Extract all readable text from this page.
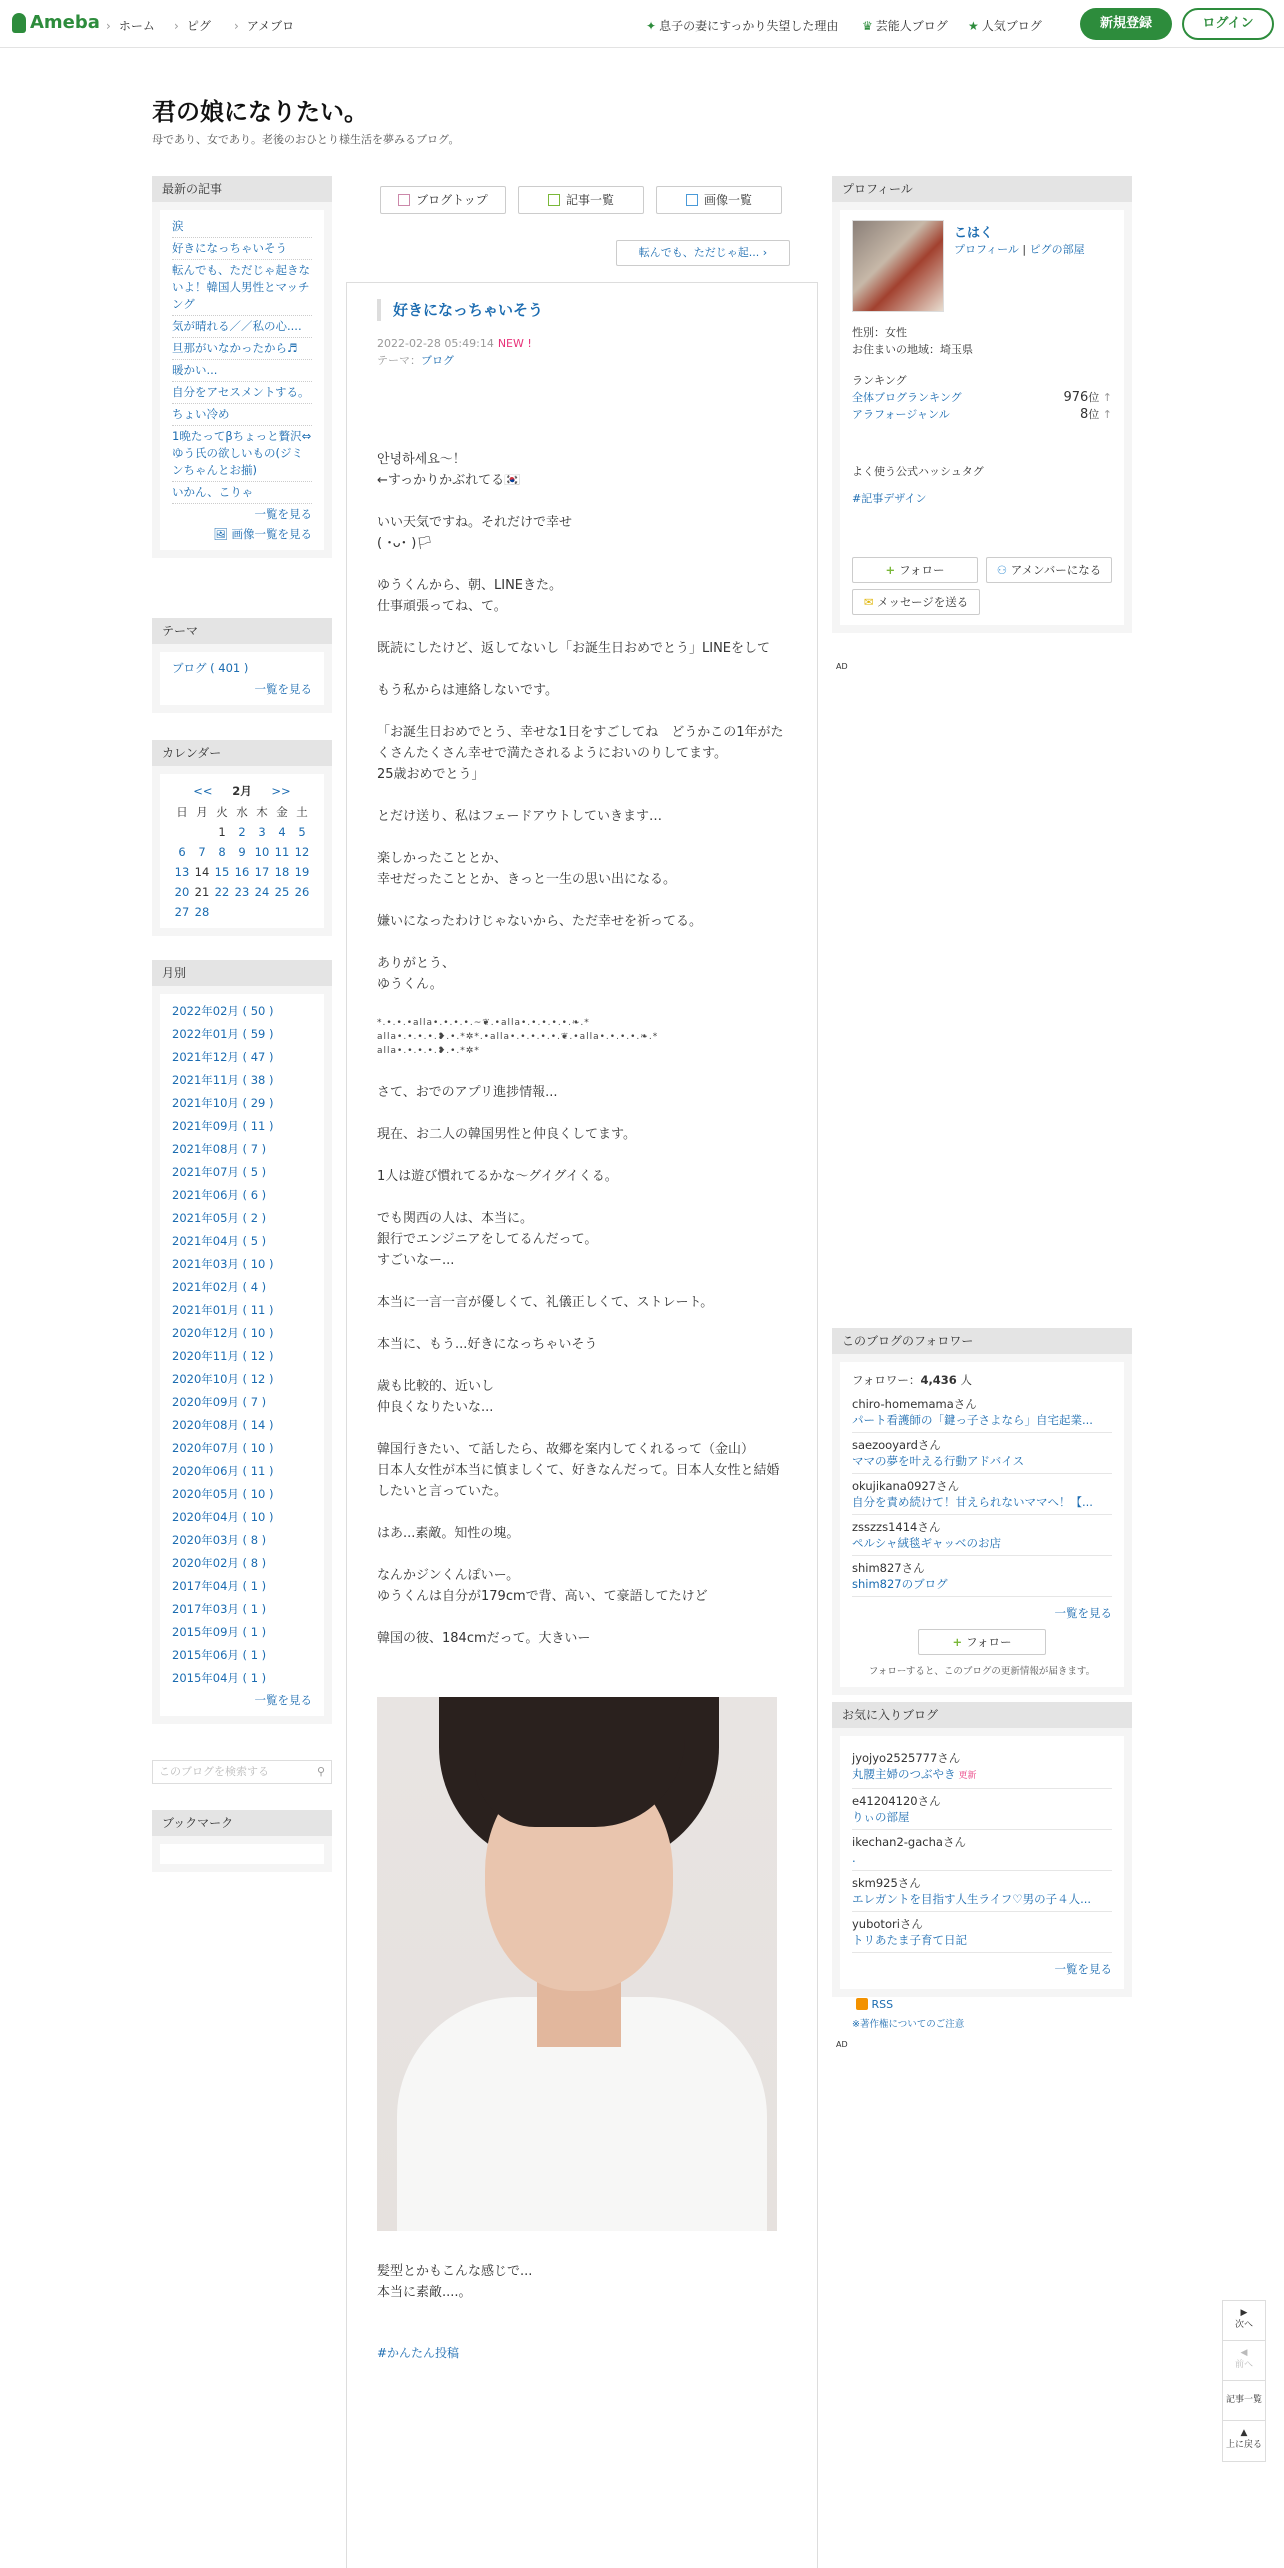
Ameba	› ホーム	› ピグ	› アメブロ	✦ 息子の妻にすっかり失望した理由 ♛ 芸能人ブログ ★ 人気ブログ	新規登録	ログイン
君の娘になりたい。
母であり、女であり。老後のおひとり様生活を夢みるブログ。
最新の記事
涙
好きになっちゃいそう
転んでも、ただじゃ起きないよ！韓国人男性とマッチング
気が晴れる／／私の心....
旦那がいなかったから♬
暖かい...
自分をアセスメントする。
ちょい冷め
1晩たってβちょっと贅沢⇔ゆう氏の欲しいもの(ジミンちゃんとお揃)
いかん、こりゃ
一覧を見る
🖼 画像一覧を見る
テーマ
ブログ ( 401 )
一覧を見る
カレンダー
<< 2月 >>
日	月	火	水	木	金	土
		1	2	3	4	5
6	7	8	9	10	11	12
13	14	15	16	17	18	19
20	21	22	23	24	25	26
27	28					
月別
2022年02月 ( 50 )
2022年01月 ( 59 )
2021年12月 ( 47 )
2021年11月 ( 38 )
2021年10月 ( 29 )
2021年09月 ( 11 )
2021年08月 ( 7 )
2021年07月 ( 5 )
2021年06月 ( 6 )
2021年05月 ( 2 )
2021年04月 ( 5 )
2021年03月 ( 10 )
2021年02月 ( 4 )
2021年01月 ( 11 )
2020年12月 ( 10 )
2020年11月 ( 12 )
2020年10月 ( 12 )
2020年09月 ( 7 )
2020年08月 ( 14 )
2020年07月 ( 10 )
2020年06月 ( 11 )
2020年05月 ( 10 )
2020年04月 ( 10 )
2020年03月 ( 8 )
2020年02月 ( 8 )
2017年04月 ( 1 )
2017年03月 ( 1 )
2015年09月 ( 1 )
2015年06月 ( 1 )
2015年04月 ( 1 )
一覧を見る
このブログを検索する	⚲
ブックマーク
ブログトップ	記事一覧	画像一覧
転んでも、ただじゃ起... ›
好きになっちゃいそう
2022-02-28 05:49:14 NEW !
テーマ：ブログ

안녕하세요〜！
←すっかりかぶれてる🇰🇷

いい天気ですね。それだけで幸せ
( ･ᴗ･ )🏳

ゆうくんから、朝、LINEきた。
仕事頑張ってね、て。

既読にしたけど、返してないし「お誕生日おめでとう」LINEをして

もう私からは連絡しないです。

「お誕生日おめでとう、幸せな1日をすごしてね　どうかこの1年がたくさんたくさん幸せで満たされるようにおいのりしてます。
25歳おめでとう」

とだけ送り、私はフェードアウトしていきます…

楽しかったこととか、
幸せだったこととか、きっと一生の思い出になる。

嫌いになったわけじゃないから、ただ幸せを祈ってる。

ありがとう、
ゆうくん。

*.•.•.•alla•.•.•.•.~❦.•alla•.•.•.•.•.❧.*
alla•.•.•.•.❥.•.*✲*.•alla•.•.•.•.•.❦.•alla•.•.•.•.❧.*
alla•.•.•.•.❥.•.*✲*

さて、おでのアプリ進捗情報...

現在、お二人の韓国男性と仲良くしてます。

1人は遊び慣れてるかな〜グイグイくる。

でも関西の人は、本当に。
銀行でエンジニアをしてるんだって。
すごいなー...

本当に一言一言が優しくて、礼儀正しくて、ストレート。

本当に、もう...好きになっちゃいそう

歳も比較的、近いし
仲良くなりたいな...

韓国行きたい、て話したら、故郷を案内してくれるって（金山）
日本人女性が本当に慎ましくて、好きなんだって。日本人女性と結婚したいと言っていた。

はあ...素敵。知性の塊。

なんかジンくんぽいー。
ゆうくんは自分が179cmで背、高い、て豪語してたけど

韓国の彼、184cmだって。大きいー

髪型とかもこんな感じで...
本当に素敵....。

#かんたん投稿
プロフィール
こはく
プロフィール | ピグの部屋
性別：女性
お住まいの地域：埼玉県
ランキング
全体ブログランキング	976位 ↑
アラフォージャンル	8位 ↑
よく使う公式ハッシュタグ
#記事デザイン
+ フォロー	⚇ アメンバーになる
✉ メッセージを送る
AD
このブログのフォロワー
フォロワー：4,436 人
chiro-homemamaさん
パート看護師の「鍵っ子さよなら」自宅起業...
saezooyardさん
ママの夢を叶える行動アドバイス
okujikana0927さん
自分を責め続けて！甘えられないママへ！【...
zsszzs1414さん
ペルシャ絨毯ギャッベのお店
shim827さん
shim827のブログ
一覧を見る
+ フォロー
フォローすると、このブログの更新情報が届きます。
お気に入りブログ
jyojyo2525777さん
丸腰主婦のつぶやき 更新
e41204120さん
りぃの部屋
ikechan2-gachaさん
.
skm925さん
エレガントを目指す人生ライフ♡男の子４人...
yubotoriさん
トリあたま子育て日記
一覧を見る
RSS
※著作権についてのご注意
AD
▶
次へ
◀
前へ
記事一覧
▲
上に戻る
